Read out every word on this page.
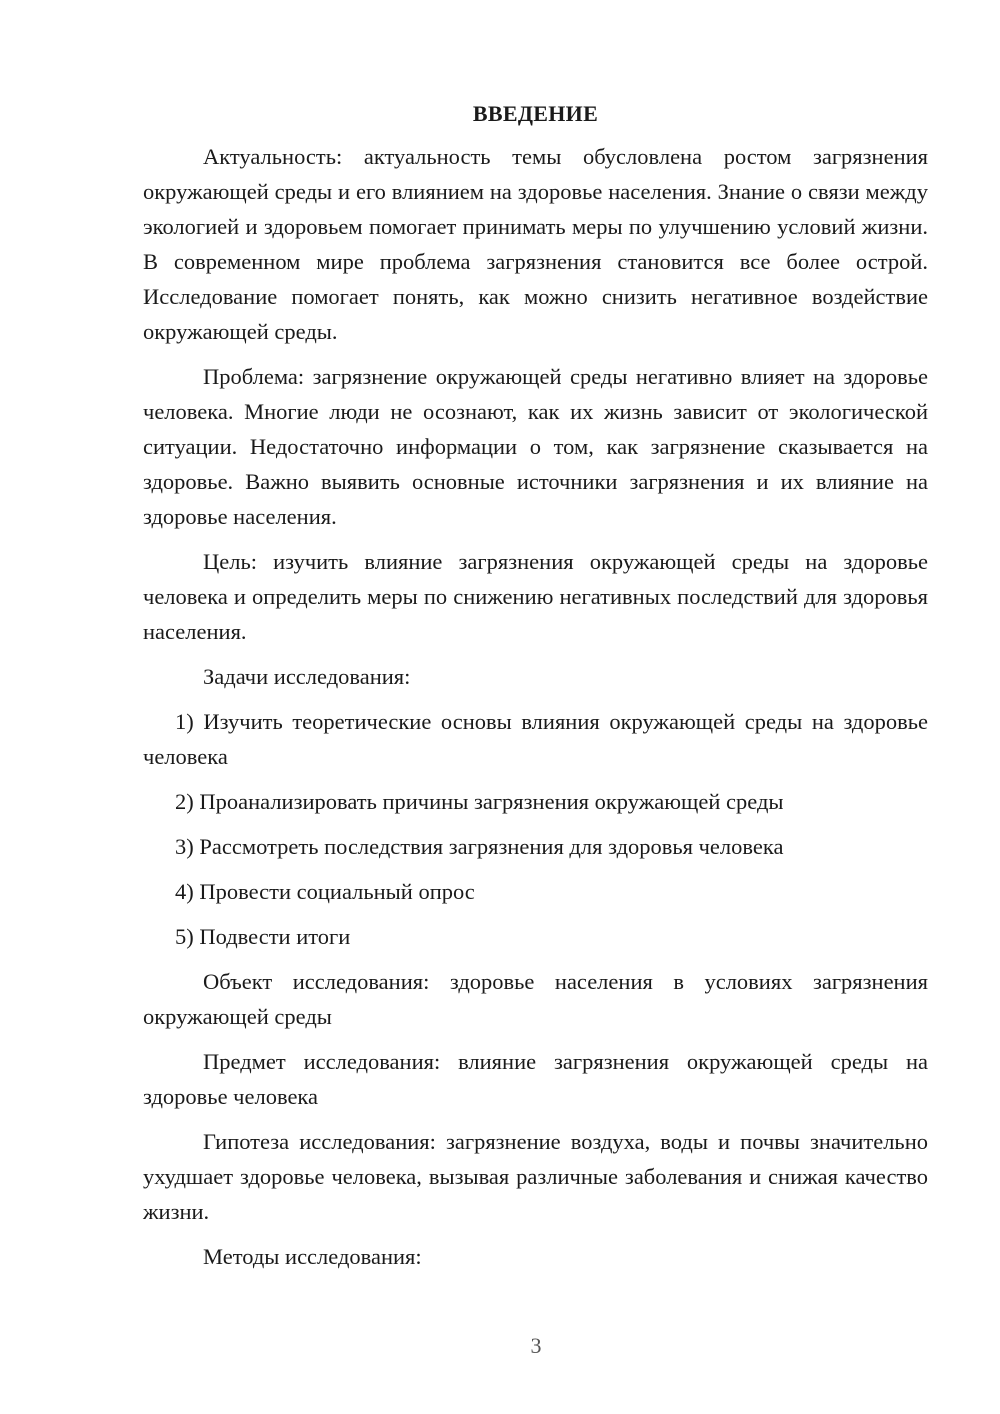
ВВЕДЕНИЕ

Актуальность: актуальность темы обусловлена ростом загрязнения окружающей среды и его влиянием на здоровье населения. Знание о связи между экологией и здоровьем помогает принимать меры по улучшению условий жизни. В современном мире проблема загрязнения становится все более острой. Исследование помогает понять, как можно снизить негативное воздействие окружающей среды.

Проблема: загрязнение окружающей среды негативно влияет на здоровье человека. Многие люди не осознают, как их жизнь зависит от экологической ситуации. Недостаточно информации о том, как загрязнение сказывается на здоровье. Важно выявить основные источники загрязнения и их влияние на здоровье населения.

Цель: изучить влияние загрязнения окружающей среды на здоровье человека и определить меры по снижению негативных последствий для здоровья населения.

Задачи исследования:

1) Изучить теоретические основы влияния окружающей среды на здоровье человека

2) Проанализировать причины загрязнения окружающей среды

3) Рассмотреть последствия загрязнения для здоровья человека

4) Провести социальный опрос

5) Подвести итоги

Объект исследования: здоровье населения в условиях загрязнения окружающей среды

Предмет исследования: влияние загрязнения окружающей среды на здоровье человека

Гипотеза исследования: загрязнение воздуха, воды и почвы значительно ухудшает здоровье человека, вызывая различные заболевания и снижая качество жизни.

Методы исследования:

3
